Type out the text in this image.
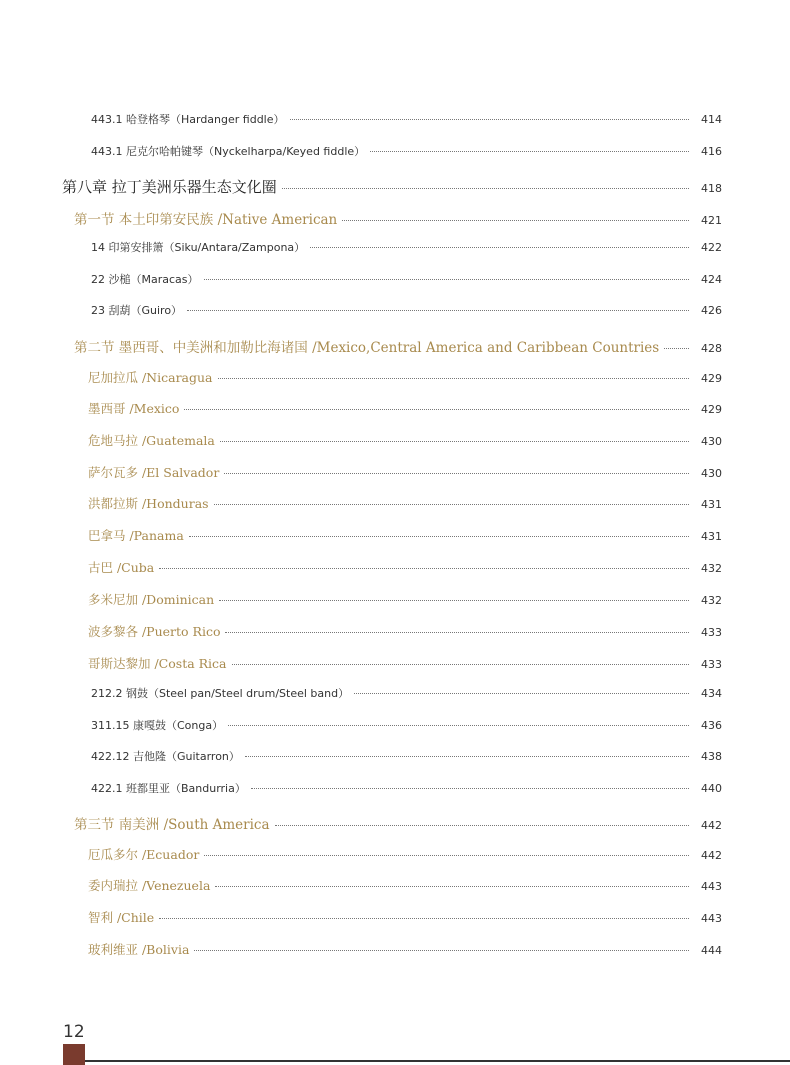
443.1 哈登格琴（Hardanger fiddle）	414
443.1 尼克尔哈帕键琴（Nyckelharpa/Keyed fiddle）	416
第八章 拉丁美洲乐器生态文化圈	418
第一节 本土印第安民族 /Native American	421
14 印第安排箫（Siku/Antara/Zampona）	422
22 沙槌（Maracas）	424
23 刮葫（Guiro）	426
第二节 墨西哥、中美洲和加勒比海诸国 /Mexico,Central America and Caribbean Countries	428
尼加拉瓜 /Nicaragua	429
墨西哥 /Mexico	429
危地马拉 /Guatemala	430
萨尔瓦多 /El Salvador	430
洪都拉斯 /Honduras	431
巴拿马 /Panama	431
古巴 /Cuba	432
多米尼加 /Dominican	432
波多黎各 /Puerto Rico	433
哥斯达黎加 /Costa Rica	433
212.2 钢鼓（Steel pan/Steel drum/Steel band）	434
311.15 康嘎鼓（Conga）	436
422.12 吉他隆（Guitarron）	438
422.1 班都里亚（Bandurria）	440
第三节 南美洲 /South America	442
厄瓜多尔 /Ecuador	442
委内瑞拉 /Venezuela	443
智利 /Chile	443
玻利维亚 /Bolivia	444
12
